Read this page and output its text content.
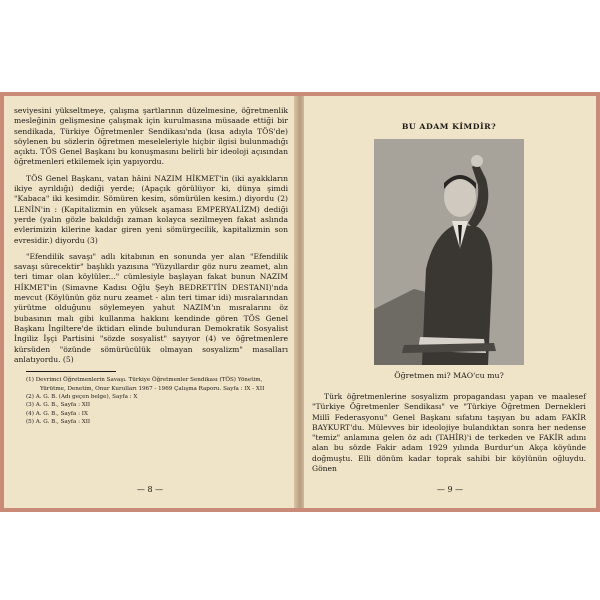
seviyesini yükseltmeye, çalışma şartlarının düzelmesine, öğretmenlik mesleğinin gelişmesine çalışmak için kurulmasına müsaade ettiği bir sendikada, Türkiye Öğretmenler Sendikası'nda (kısa adıyla TÖS'de) söylenen bu sözlerin öğretmen meseleleriyle hiçbir ilgisi bulunmadığı açıktı. TÖS Genel Başkanı bu konuşmasını belirli bir ideoloji açısından öğretmenleri etkilemek için yapıyordu.

TÖS Genel Başkanı, vatan hâini NAZIM HİKMET'in (iki ayakkların ikiye ayrıldığı) dediği yerde; (Apaçık görülüyor ki, dünya şimdi "Kabaca" iki kesimdir. Sömüren kesim, sömürülen kesim.) diyordu (2) LENİN'in : (Kapitalizmin en yüksek aşaması EMPERYALİZM) dediği yerde (yalın gözle bakıldığı zaman kolayca sezilmeyen fakat aslında evlerimizin kilerine kadar giren yeni sömürgecilik, kapitalizmin son evresidir.) diyordu (3)

"Efendilik savaşı" adlı kitabının en sonunda yer alan "Efendilik savaşı sürecektir" başlıklı yazısına "Yüzyıllardır göz nuru zeamet, alın teri timar olan köylüler..." cümlesiyle başlayan fakat bunun NAZIM HİKMET'in (Simavne Kadısı Oğlu Şeyh BEDRETTİN DESTANI)'nda mevcut (Köylünün göz nuru zeamet - alın teri timar idi) mısralarından yürütme olduğunu söylemeyen yahut NAZIM'ın mısralarını öz bubasının malı gibi kullanma hakkını kendinde gören TÖS Genel Başkanı İngiltere'de iktidarı elinde bulunduran Demokratik Sosyalist İngiliz İşçi Partisini "sözde sosyalist" sayıyor (4) ve öğretmenlere kürsüden "özünde sömürücülük olmayan sosyalizm" masalları anlatıyordu. (5)

(1) Devrimci Öğretmenlerin Savaşı. Türkiye Öğretmenler Sendikası (TÖS) Yönetim, Yürütme, Denetim, Onur Kurulları 1967 - 1969 Çalışma Raporu. Sayfa : IX - XII
(2) A. G. B. (Adı geçen belge), Sayfa : X
(3) A. G. B., Sayfa : XII
(4) A. G. B., Sayfa : IX
(5) A. G. B., Sayfa : XII
— 8 —
BU ADAM KİMDİR?
Öğretmen mi? MAO'cu mu?

Türk öğretmenlerine sosyalizm propagandası yapan ve maalesef "Türkiye Öğretmenler Sendikası" ve "Türkiye Öğretmen Dernekleri Millî Federasyonu" Genel Başkanı sıfatını taşıyan bu adam FAKİR BAYKURT'du. Mülevves bir ideolojiye bulandıktan sonra her nedense "temiz" anlamına gelen öz adı (TAHİR)'i de terkeden ve FAKİR adını alan bu sözde Fakir adam 1929 yılında Burdur'un Akça köyünde doğmuştu. Elli dönüm kadar toprak sahibi bir köylünün oğluydu. Gönen

— 9 —
